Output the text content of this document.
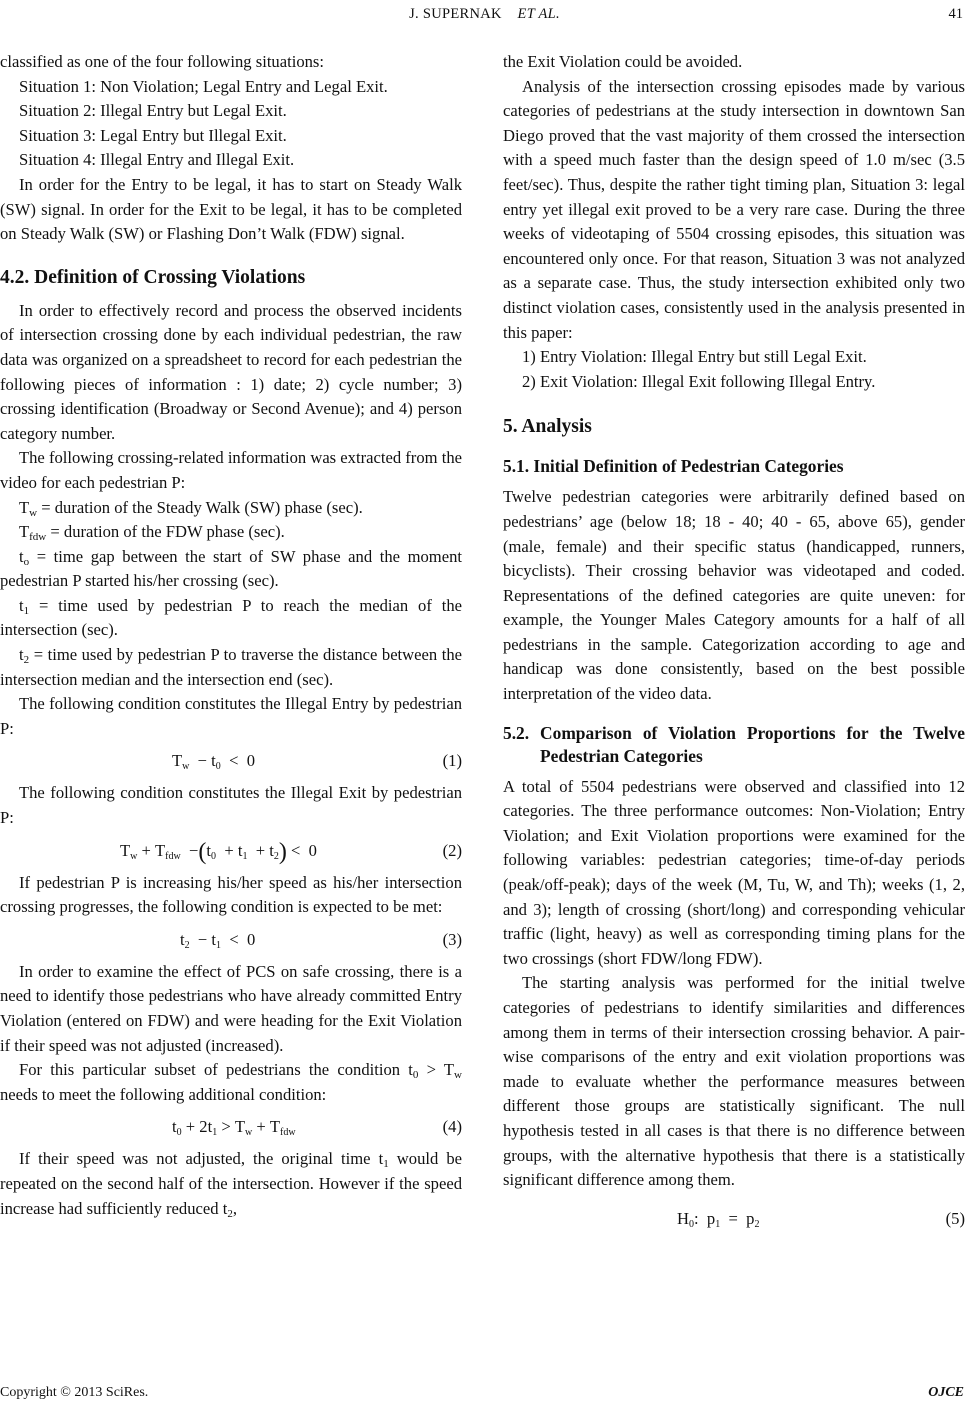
J. SUPERNAK ET AL.	41

classified as one of the four following situations:

Situation 1: Non Violation; Legal Entry and Legal Exit.

Situation 2: Illegal Entry but Legal Exit.

Situation 3: Legal Entry but Illegal Exit.

Situation 4: Illegal Entry and Illegal Exit.

In order for the Entry to be legal, it has to start on Steady Walk (SW) signal. In order for the Exit to be legal, it has to be completed on Steady Walk (SW) or Flashing Don’t Walk (FDW) signal.

4.2. Definition of Crossing Violations

In order to effectively record and process the observed incidents of intersection crossing done by each individual pedestrian, the raw data was organized on a spreadsheet to record for each pedestrian the following pieces of information : 1) date; 2) cycle number; 3) crossing identification (Broadway or Second Avenue); and 4) person category number.

The following crossing-related information was extracted from the video for each pedestrian P:

$T_w$ = duration of the Steady Walk (SW) phase (sec).

$T_{fdw}$ = duration of the FDW phase (sec).

$t_o$ = time gap between the start of SW phase and the moment pedestrian P started his/her crossing (sec).

$t_1$ = time used by pedestrian P to reach the median of the intersection (sec).

$t_2$ = time used by pedestrian P to traverse the distance between the intersection median and the intersection end (sec).

The following condition constitutes the Illegal Entry by pedestrian P:

$T_w - t_0 < 0$	(1)

The following condition constitutes the Illegal Exit by pedestrian P:

$T_w + T_{fdw} -(t_0 + t_1 + t_2) < 0$	(2)

If pedestrian P is increasing his/her speed as his/her intersection crossing progresses, the following condition is expected to be met:

$t_2 - t_1 < 0$	(3)

In order to examine the effect of PCS on safe crossing, there is a need to identify those pedestrians who have already committed Entry Violation (entered on FDW) and were heading for the Exit Violation if their speed was not adjusted (increased).

For this particular subset of pedestrians the condition $t_0 > T_w$ needs to meet the following additional condition:

$t_0 + 2t_1 > T_w + T_{fdw}$	(4)

If their speed was not adjusted, the original time $t_1$ would be repeated on the second half of the intersection. However if the speed increase had sufficiently reduced $t_2$,

the Exit Violation could be avoided.

Analysis of the intersection crossing episodes made by various categories of pedestrians at the study intersection in downtown San Diego proved that the vast majority of them crossed the intersection with a speed much faster than the design speed of 1.0 m/sec (3.5 feet/sec). Thus, despite the rather tight timing plan, Situation 3: legal entry yet illegal exit proved to be a very rare case. During the three weeks of videotaping of 5504 crossing episodes, this situation was encountered only once. For that reason, Situation 3 was not analyzed as a separate case. Thus, the study intersection exhibited only two distinct violation cases, consistently used in the analysis presented in this paper:

1) Entry Violation: Illegal Entry but still Legal Exit.

2) Exit Violation: Illegal Exit following Illegal Entry.

5. Analysis
5.1. Initial Definition of Pedestrian Categories

Twelve pedestrian categories were arbitrarily defined based on pedestrians’ age (below 18; 18 - 40; 40 - 65, above 65), gender (male, female) and their specific status (handicapped, runners, bicyclists). Their crossing behavior was videotaped and coded. Representations of the defined categories are quite uneven: for example, the Younger Males Category amounts for a half of all pedestrians in the sample. Categorization according to age and handicap was done consistently, based on the best possible interpretation of the video data.

5.2. Comparison of Violation Proportions for the Twelve Pedestrian Categories

A total of 5504 pedestrians were observed and classified into 12 categories. The three performance outcomes: Non-Violation; Entry Violation; and Exit Violation proportions were examined for the following variables: pedestrian categories; time-of-day periods (peak/off-peak); days of the week (M, Tu, W, and Th); weeks (1, 2, and 3); length of crossing (short/long) and corresponding vehicular traffic (light, heavy) as well as corresponding timing plans for the two crossings (short FDW/long FDW).

The starting analysis was performed for the initial twelve categories of pedestrians to identify similarities and differences among them in terms of their intersection crossing behavior. A pair-wise comparisons of the entry and exit violation proportions was made to evaluate whether the performance measures between different those groups are statistically significant. The null hypothesis tested in all cases is that there is no difference between groups, with the alternative hypothesis that there is a statistically significant difference among them.

$H_0$:  $p_1 = p_2$	(5)
Copyright © 2013 SciRes.	OJCE
